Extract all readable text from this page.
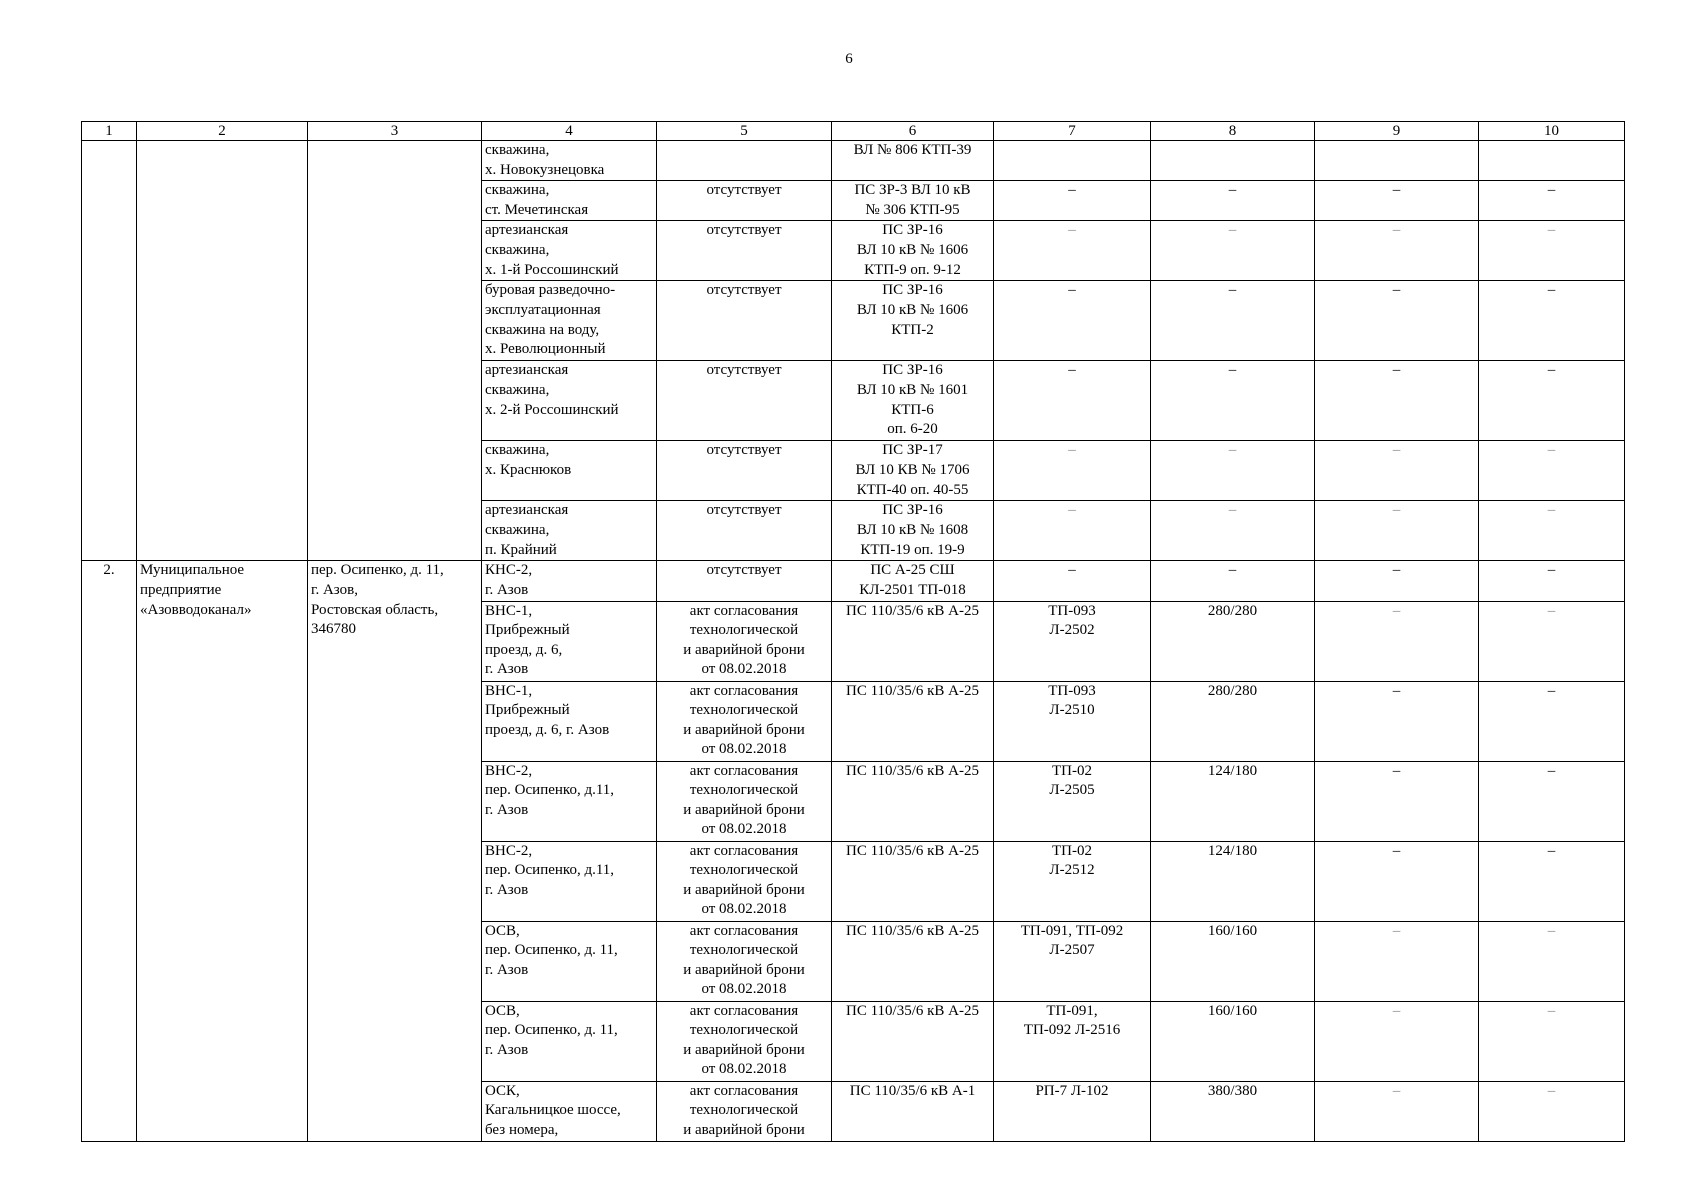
6
1	2	3	4	5	6	7	8	9	10
			скважина,
х. Новокузнецовка		ВЛ № 806 КТП-39				
			скважина,
ст. Мечетинская	отсутствует	ПС ЗР-3 ВЛ 10 кВ
№ 306 КТП-95	–	–	–	–
			артезианская
скважина,
х. 1-й Россошинский	отсутствует	ПС ЗР-16
ВЛ 10 кВ № 1606
КТП-9 оп. 9-12	–	–	–	–
			буровая разведочно-
эксплуатационная
скважина на воду,
х. Революционный	отсутствует	ПС ЗР-16
ВЛ 10 кВ № 1606
КТП-2	–	–	–	–
			артезианская
скважина,
х. 2-й Россошинский	отсутствует	ПС ЗР-16
ВЛ 10 кВ № 1601
КТП-6
оп. 6-20	–	–	–	–
			скважина,
х. Краснюков	отсутствует	ПС ЗР-17
ВЛ 10 КВ № 1706
КТП-40 оп. 40-55	–	–	–	–
			артезианская
скважина,
п. Крайний	отсутствует	ПС ЗР-16
ВЛ 10 кВ № 1608
КТП-19 оп. 19-9	–	–	–	–
2.	Муниципальное
предприятие
«Азовводоканал»	пер. Осипенко, д. 11,
г. Азов,
Ростовская область,
346780	КНС-2,
г. Азов	отсутствует	ПС А-25 СШ
КЛ-2501 ТП-018	–	–	–	–
			ВНС-1,
Прибрежный
проезд, д. 6,
г. Азов	акт согласования
технологической
и аварийной брони
от 08.02.2018	ПС 110/35/6 кВ А-25	ТП-093
Л-2502	280/280	–	–
			ВНС-1,
Прибрежный
проезд, д. 6, г. Азов	акт согласования
технологической
и аварийной брони
от 08.02.2018	ПС 110/35/6 кВ А-25	ТП-093
Л-2510	280/280	–	–
			ВНС-2,
пер. Осипенко, д.11,
г. Азов	акт согласования
технологической
и аварийной брони
от 08.02.2018	ПС 110/35/6 кВ А-25	ТП-02
Л-2505	124/180	–	–
			ВНС-2,
пер. Осипенко, д.11,
г. Азов	акт согласования
технологической
и аварийной брони
от 08.02.2018	ПС 110/35/6 кВ А-25	ТП-02
Л-2512	124/180	–	–
			ОСВ,
пер. Осипенко, д. 11,
г. Азов	акт согласования
технологической
и аварийной брони
от 08.02.2018	ПС 110/35/6 кВ А-25	ТП-091, ТП-092
Л-2507	160/160	–	–
			ОСВ,
пер. Осипенко, д. 11,
г. Азов	акт согласования
технологической
и аварийной брони
от 08.02.2018	ПС 110/35/6 кВ А-25	ТП-091,
ТП-092 Л-2516	160/160	–	–
			ОСК,
Кагальницкое шоссе,
без номера,	акт согласования
технологической
и аварийной брони	ПС 110/35/6 кВ А-1	РП-7 Л-102	380/380	–	–
